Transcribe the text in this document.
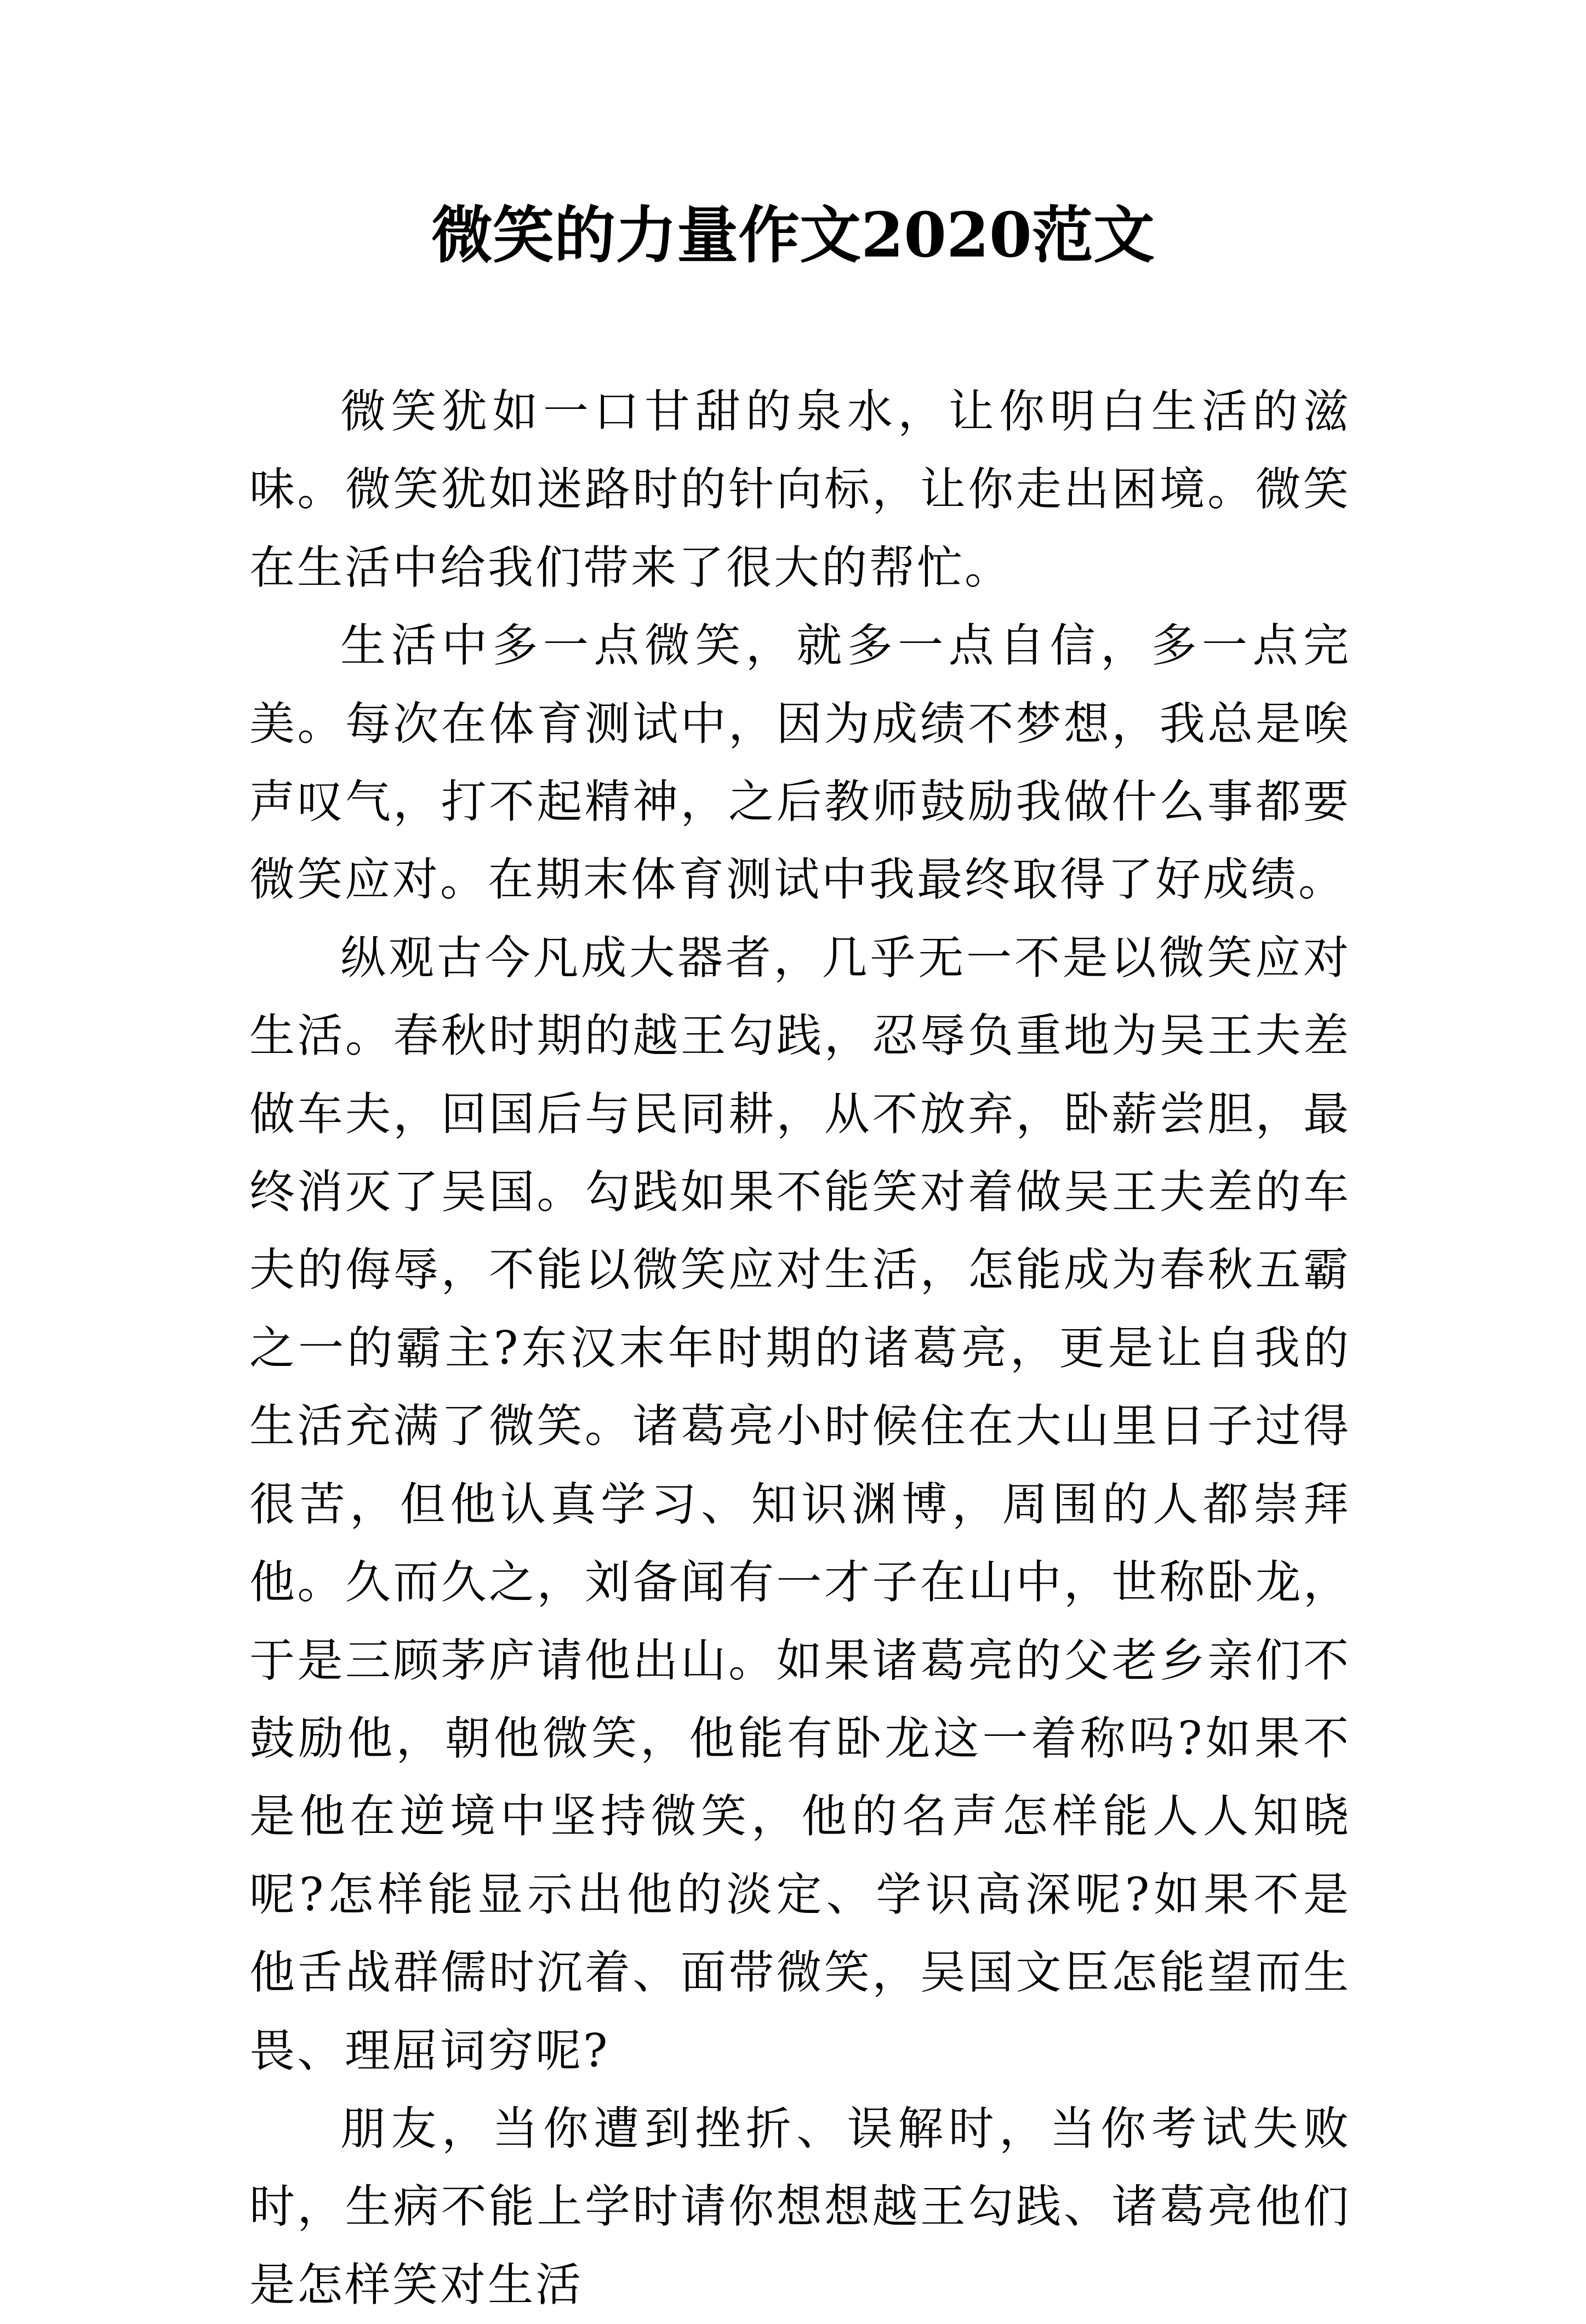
微笑的力量作文2020范文

微笑犹如一口甘甜的泉水，让你明白生活的滋味。微笑犹如迷路时的针向标，让你走出困境。微笑在生活中给我们带来了很大的帮忙。

生活中多一点微笑，就多一点自信，多一点完美。每次在体育测试中，因为成绩不梦想，我总是唉声叹气，打不起精神，之后教师鼓励我做什么事都要微笑应对。在期末体育测试中我最终取得了好成绩。

纵观古今凡成大器者，几乎无一不是以微笑应对生活。春秋时期的越王勾践，忍辱负重地为吴王夫差做车夫，回国后与民同耕，从不放弃，卧薪尝胆，最终消灭了吴国。勾践如果不能笑对着做吴王夫差的车夫的侮辱，不能以微笑应对生活，怎能成为春秋五霸之一的霸主?东汉末年时期的诸葛亮，更是让自我的生活充满了微笑。诸葛亮小时候住在大山里日子过得很苦，但他认真学习、知识渊博，周围的人都崇拜他。久而久之，刘备闻有一才子在山中，世称卧龙，于是三顾茅庐请他出山。如果诸葛亮的父老乡亲们不鼓励他，朝他微笑，他能有卧龙这一着称吗?如果不是他在逆境中坚持微笑，他的名声怎样能人人知晓呢?怎样能显示出他的淡定、学识高深呢?如果不是他舌战群儒时沉着、面带微笑，吴国文臣怎能望而生畏、理屈词穷呢?

朋友，当你遭到挫折、误解时，当你考试失败时，生病不能上学时请你想想越王勾践、诸葛亮他们是怎样笑对生活
